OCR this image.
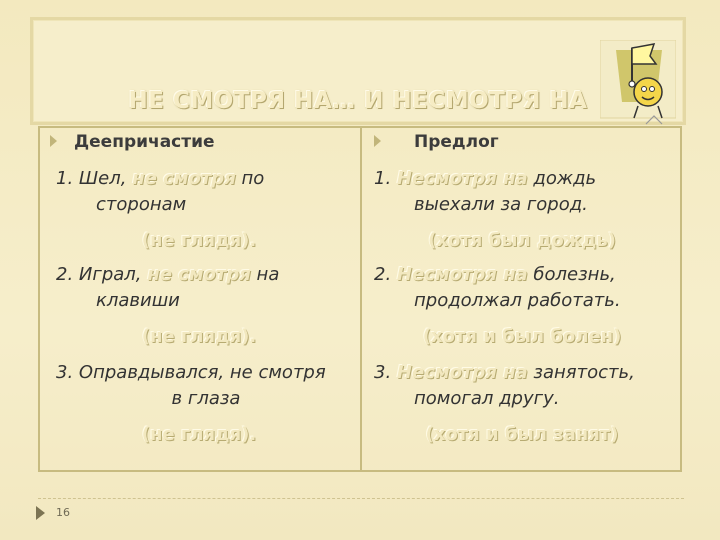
НЕ СМОТРЯ НА… И НЕСМОТРЯ НА
Деепричастие
1. Шел, не смотря по
сторонам
(не глядя).
2. Играл, не смотря на
клавиши
(не глядя).
3. Оправдывался, не смотря
в глаза
(не глядя).
Предлог
1. Несмотря на дождь
выехали за город.
(хотя был дождь)
2. Несмотря на болезнь,
продолжал работать.
(хотя и был болен)
3. Несмотря на занятость,
помогал другу.
(хотя и был занят)
16
